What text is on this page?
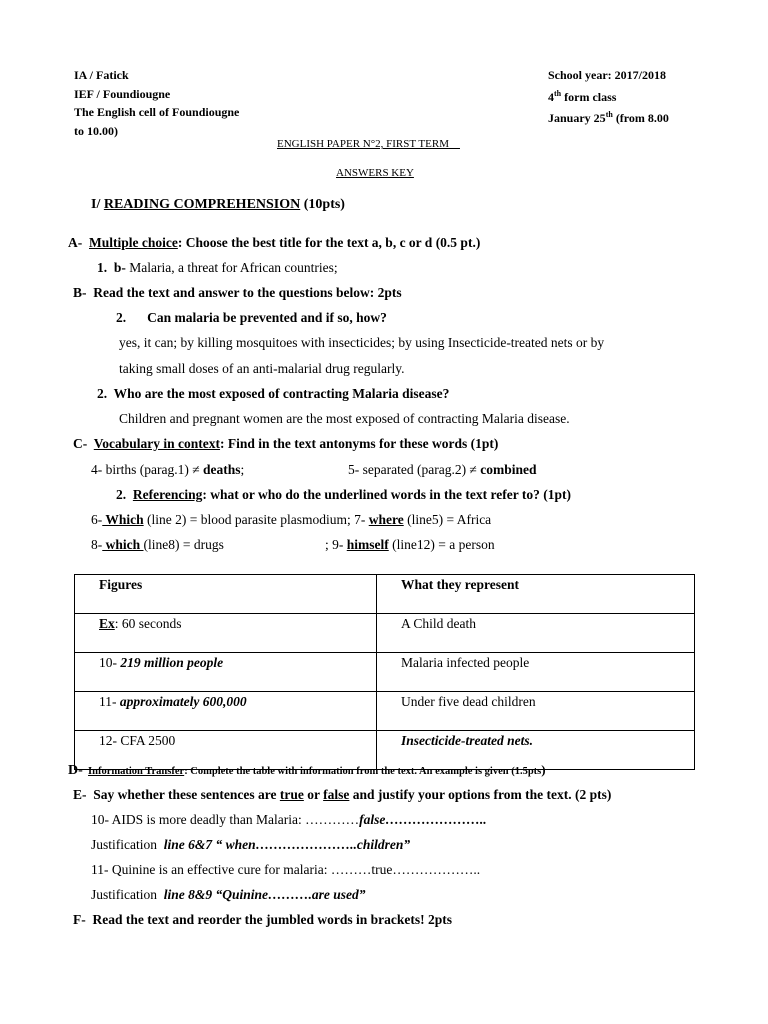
IA / Fatick
IEF / Foundiougne
The English cell of Foundiougne
to 10.00)
School year: 2017/2018
4th form class
January 25th (from 8.00
ENGLISH PAPER N°2, FIRST TERM
ANSWERS KEY
I/ READING COMPREHENSION (10pts)
A- Multiple choice: Choose the best title for the text a, b, c or d (0.5 pt.)
1. b- Malaria, a threat for African countries;
B- Read the text and answer to the questions below: 2pts
2. Can malaria be prevented and if so, how?
yes, it can; by killing mosquitoes with insecticides; by using Insecticide-treated nets or by
taking small doses of an anti-malarial drug regularly.
2. Who are the most exposed of contracting Malaria disease?
Children and pregnant women are the most exposed of contracting Malaria disease.
C- Vocabulary in context: Find in the text antonyms for these words (1pt)
4- births (parag.1) ≠ deaths;	5- separated (parag.2) ≠ combined
2. Referencing: what or who do the underlined words in the text refer to? (1pt)
6- Which (line 2) = blood parasite plasmodium; 7- where (line5) = Africa
8- which (line8) = drugs	; 9- himself (line12) = a person
Figures	What they represent
Ex: 60 seconds	A Child death
10- 219 million people	Malaria infected people
11- approximately 600,000	Under five dead children
12- CFA 2500	Insecticide-treated nets.
D- Information Transfer: Complete the table with information from the text. An example is given (1.5pts)
E- Say whether these sentences are true or false and justify your options from the text. (2 pts)
10- AIDS is more deadly than Malaria: …………false…………………..
Justification  line 6&7 “ when…………………..children”
11- Quinine is an effective cure for malaria: ………true………………..
Justification  line 8&9 “Quinine……….are used”
F- Read the text and reorder the jumbled words in brackets! 2pts
